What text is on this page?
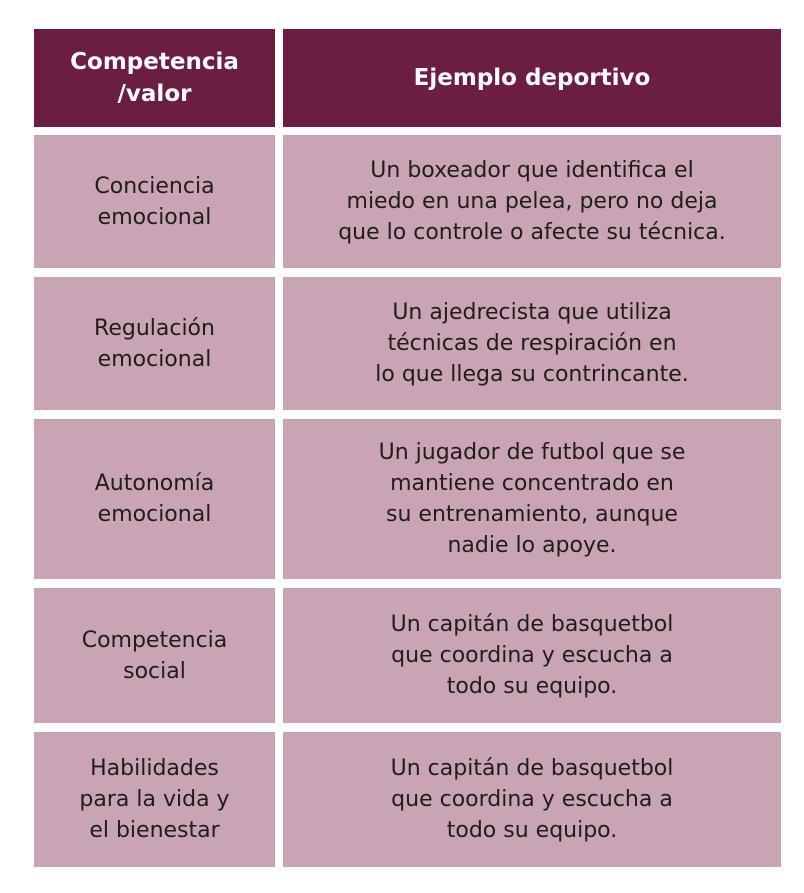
Competencia
/valor
Ejemplo deportivo
Conciencia
emocional
Un boxeador que identifica el
miedo en una pelea, pero no deja
que lo controle o afecte su técnica.
Regulación
emocional
Un ajedrecista que utiliza
técnicas de respiración en
lo que llega su contrincante.
Autonomía
emocional
Un jugador de futbol que se
mantiene concentrado en
su entrenamiento, aunque
nadie lo apoye.
Competencia
social
Un capitán de basquetbol
que coordina y escucha a
todo su equipo.
Habilidades
para la vida y
el bienestar
Un capitán de basquetbol
que coordina y escucha a
todo su equipo.
